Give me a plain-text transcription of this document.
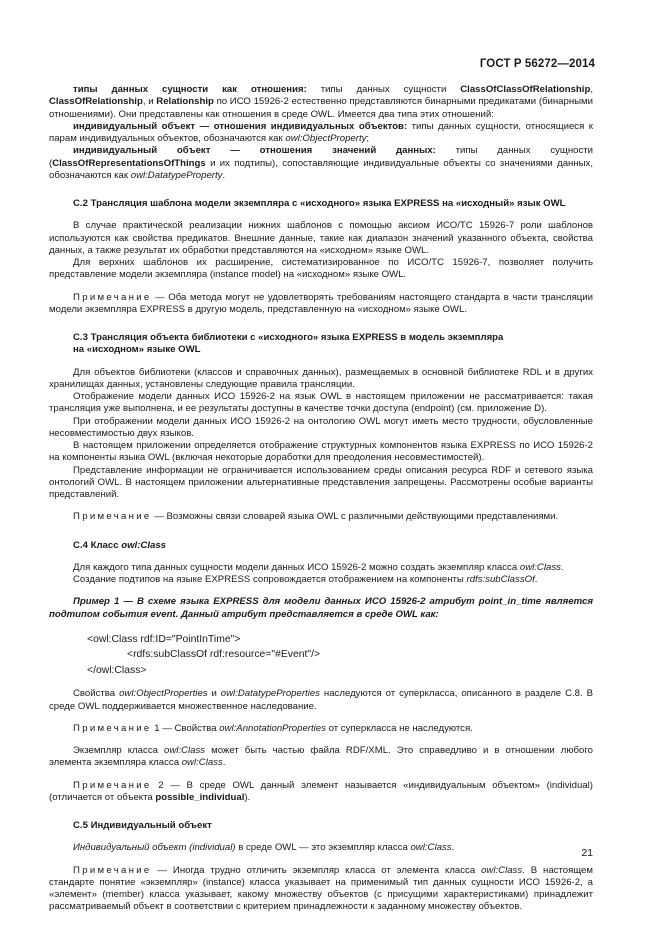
ГОСТ Р 56272—2014

типы данных сущности как отношения: типы данных сущности ClassOfClassOfRelationship, ClassOfRelationship, и Relationship по ИСО 15926-2 естественно представляются бинарными предикатами (бинарными отношениями). Они представлены как отношения в среде OWL. Имеется два типа этих отношений:

индивидуальный объект — отношения индивидуальных объектов: типы данных сущности, относящиеся к парам индивидуальных объектов, обозначаются как owl:ObjectProperty;

индивидуальный объект — отношения значений данных: типы данных сущности (ClassOfRepresentationsOfThings и их подтипы), сопоставляющие индивидуальные объекты со значениями данных, обозначаются как owl:DatatypeProperty.

С.2 Трансляция шаблона модели экземпляра с «исходного» языка EXPRESS на «исходный» язык OWL

В случае практической реализации нижних шаблонов с помощью аксиом ИСО/ТС 15926-7 роли шаблонов используются как свойства предикатов. Внешние данные, такие как диапазон значений указанного объекта, свойства данных, а также результат их обработки представляются на «исходном» языке OWL.

Для верхних шаблонов их расширение, систематизированное по ИСО/ТС 15926-7, позволяет получить представление модели экземпляра (instance model) на «исходном» языке OWL.

Примечание — Оба метода могут не удовлетворять требованиям настоящего стандарта в части трансляции модели экземпляра EXPRESS в другую модель, представленную на «исходном» языке OWL.

С.3 Трансляция объекта библиотеки с «исходного» языка EXPRESS в модель экземпляра
на «исходном» языке OWL

Для объектов библиотеки (классов и справочных данных), размещаемых в основной библиотеке RDL и в других хранилищах данных, установлены следующие правила трансляции.

Отображение модели данных ИСО 15926-2 на язык OWL в настоящем приложении не рассматривается: такая трансляция уже выполнена, и ее результаты доступны в качестве точки доступа (endpoint) (см. приложение D).

При отображении модели данных ИСО 15926-2 на онтологию OWL могут иметь место трудности, обусловленные несовместимостью двух языков.

В настоящем приложении определяется отображение структурных компонентов языка EXPRESS по ИСО 15926-2 на компоненты языка OWL (включая некоторые доработки для преодоления несовместимостей).

Представление информации не ограничивается использованием среды описания ресурса RDF и сетевого языка онтологий OWL. В настоящем приложении альтернативные представления запрещены. Рассмотрены особые варианты представлений.

Примечание — Возможны связи словарей языка OWL с различными действующими представлениями.

С.4 Класс owl:Class

Для каждого типа данных сущности модели данных ИСО 15926-2 можно создать экземпляр класса owl:Class.

Создание подтипов на языке EXPRESS сопровождается отображением на компоненты rdfs:subClassOf.

Пример 1 — В схеме языка EXPRESS для модели данных ИСО 15926-2 атрибут point_in_time является подтипом события event. Данный атрибут представляется в среде OWL как:

<owl:Class rdf:ID="PointInTime">
<rdfs:subClassOf rdf:resource="#Event"/>
</owl:Class>

Свойства owl:ObjectProperties и owl:DatatypeProperties наследуются от суперкласса, описанного в разделе С.8. В среде OWL поддерживается множественное наследование.

Примечание 1 — Свойства owl:AnnotationProperties от суперкласса не наследуются.

Экземпляр класса owl:Class может быть частью файла RDF/XML. Это справедливо и в отношении любого элемента экземпляра класса owl:Class.

Примечание 2 — В среде OWL данный элемент называется «индивидуальным объектом» (individual) (отличается от объекта possible_individual).

С.5 Индивидуальный объект

Индивидуальный объект (individual) в среде OWL — это экземпляр класса owl:Class.

Примечание — Иногда трудно отличить экземпляр класса от элемента класса owl:Class. В настоящем стандарте понятие «экземпляр» (instance) класса указывает на применимый тип данных сущности ИСО 15926-2, а «элемент» (member) класса указывает, какому множеству объектов (с присущими характеристиками) принадлежит рассматриваемый объект в соответствии с критерием принадлежности к заданному множеству объектов.

21
